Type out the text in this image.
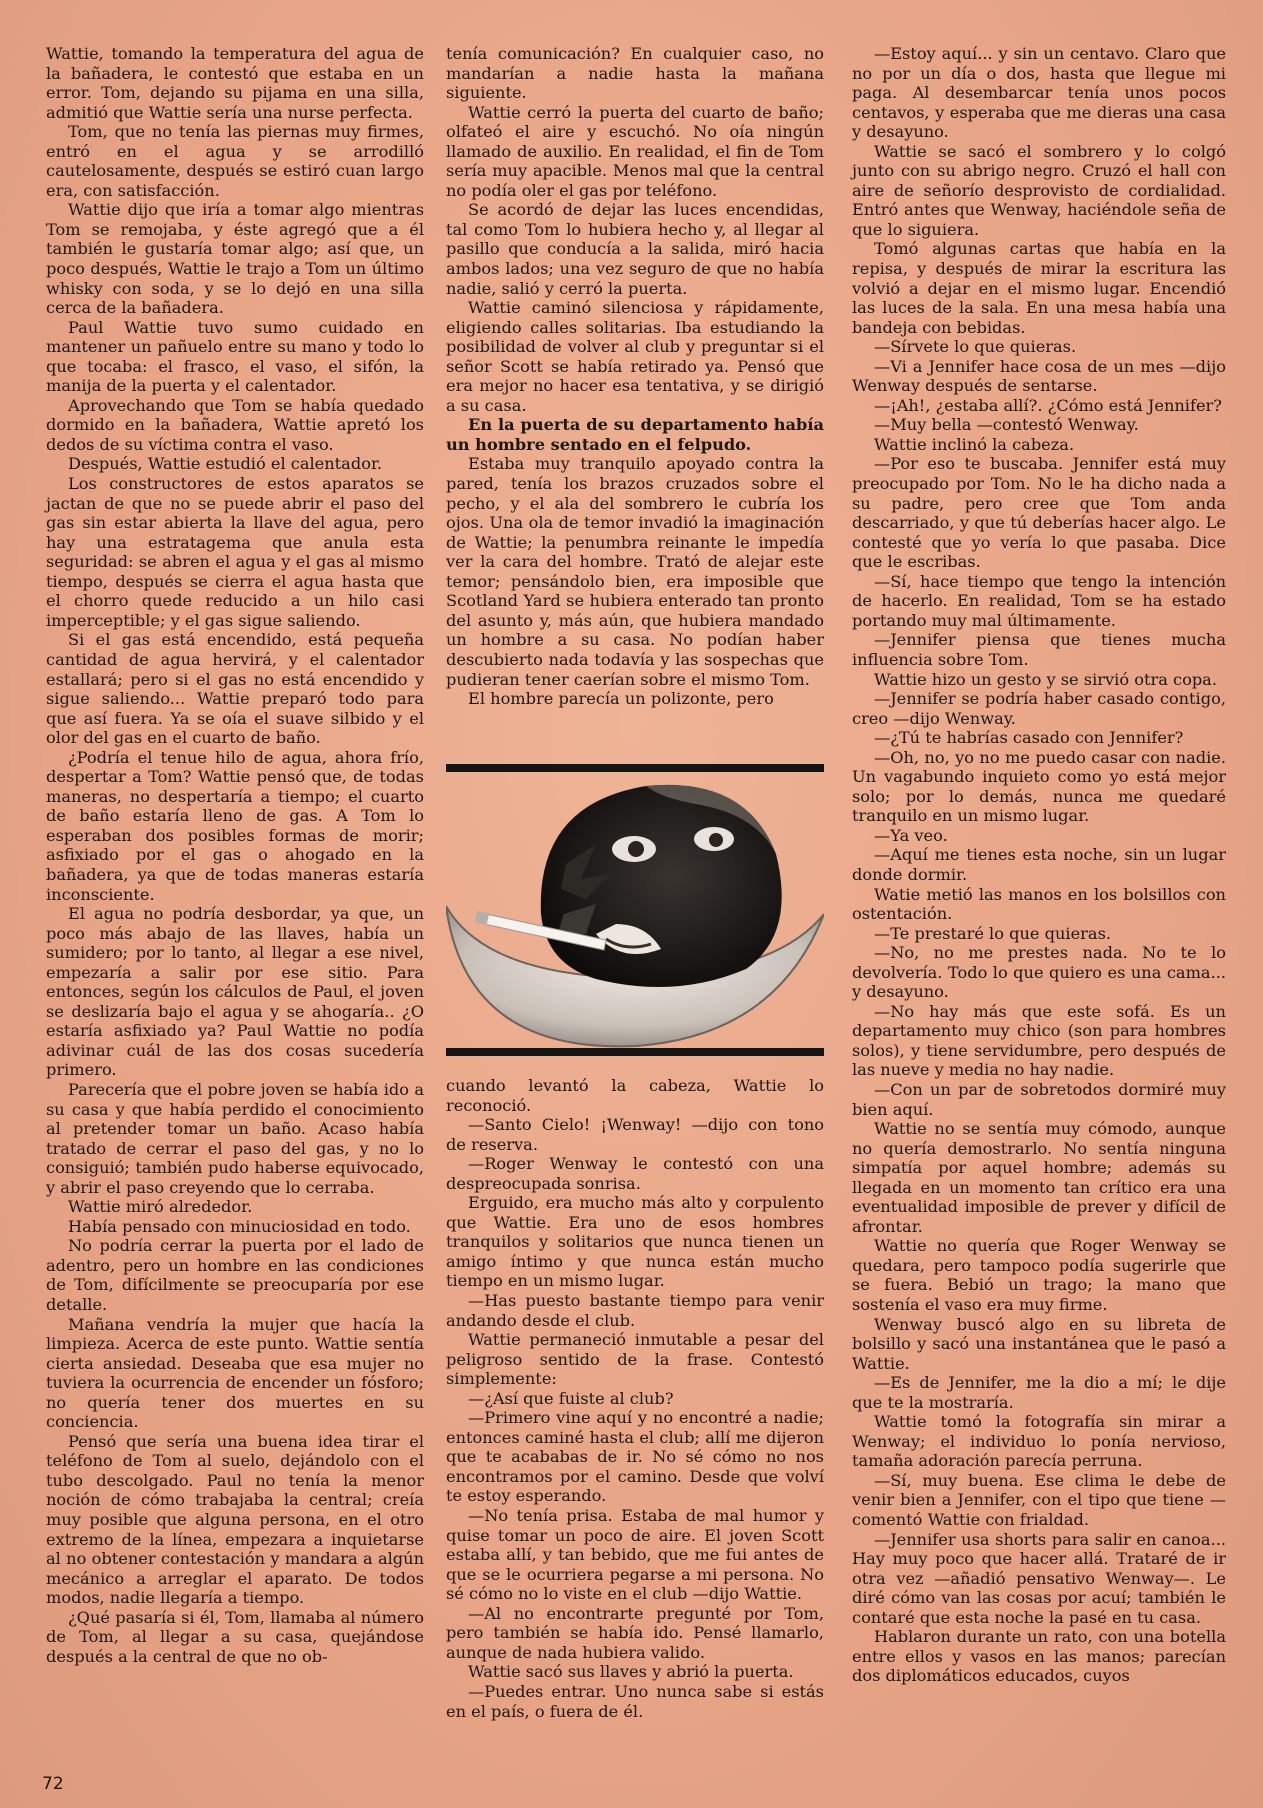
Wattie, tomando la temperatura del agua de la bañadera, le contestó que estaba en un error. Tom, dejando su pijama en una silla, admitió que Wattie sería una nurse perfecta.

Tom, que no tenía las piernas muy firmes, entró en el agua y se arrodilló cautelosamente, después se estiró cuan largo era, con satisfacción.

Wattie dijo que iría a tomar algo mientras Tom se remojaba, y éste agregó que a él también le gustaría tomar algo; así que, un poco después, Wattie le trajo a Tom un último whisky con soda, y se lo dejó en una silla cerca de la bañadera.

Paul Wattie tuvo sumo cuidado en mantener un pañuelo entre su mano y todo lo que tocaba: el frasco, el vaso, el sifón, la manija de la puerta y el calentador.

Aprovechando que Tom se había quedado dormido en la bañadera, Wattie apretó los dedos de su víctima contra el vaso.

Después, Wattie estudió el calentador.

Los constructores de estos aparatos se jactan de que no se puede abrir el paso del gas sin estar abierta la llave del agua, pero hay una estratagema que anula esta seguridad: se abren el agua y el gas al mismo tiempo, después se cierra el agua hasta que el chorro quede reducido a un hilo casi imperceptible; y el gas sigue saliendo.

Si el gas está encendido, está pequeña cantidad de agua hervirá, y el calentador estallará; pero si el gas no está encendido y sigue saliendo... Wattie preparó todo para que así fuera. Ya se oía el suave silbido y el olor del gas en el cuarto de baño.

¿Podría el tenue hilo de agua, ahora frío, despertar a Tom? Wattie pensó que, de todas maneras, no despertaría a tiempo; el cuarto de baño estaría lleno de gas. A Tom lo esperaban dos posibles formas de morir; asfixiado por el gas o ahogado en la bañadera, ya que de todas maneras estaría inconsciente.

El agua no podría desbordar, ya que, un poco más abajo de las llaves, había un sumidero; por lo tanto, al llegar a ese nivel, empezaría a salir por ese sitio. Para entonces, según los cálculos de Paul, el joven se deslizaría bajo el agua y se ahogaría.. ¿O estaría asfixiado ya? Paul Wattie no podía adivinar cuál de las dos cosas sucedería primero.

Parecería que el pobre joven se había ido a su casa y que había perdido el conocimiento al pretender tomar un baño. Acaso había tratado de cerrar el paso del gas, y no lo consiguió; también pudo haberse equivocado, y abrir el paso creyendo que lo cerraba.

Wattie miró alrededor.

Había pensado con minuciosidad en todo.

No podría cerrar la puerta por el lado de adentro, pero un hombre en las condiciones de Tom, difícilmente se preocuparía por ese detalle.

Mañana vendría la mujer que hacía la limpieza. Acerca de este punto. Wattie sentía cierta ansiedad. Deseaba que esa mujer no tuviera la ocurrencia de encender un fósforo; no quería tener dos muertes en su conciencia.

Pensó que sería una buena idea tirar el teléfono de Tom al suelo, dejándolo con el tubo descolgado. Paul no tenía la menor noción de cómo trabajaba la central; creía muy posible que alguna persona, en el otro extremo de la línea, empezara a inquietarse al no obtener contestación y mandara a algún mecánico a arreglar el aparato. De todos modos, nadie llegaría a tiempo.

¿Qué pasaría si él, Tom, llamaba al número de Tom, al llegar a su casa, quejándose después a la central de que no ob-

tenía comunicación? En cualquier caso, no mandarían a nadie hasta la mañana siguiente.

Wattie cerró la puerta del cuarto de baño; olfateó el aire y escuchó. No oía ningún llamado de auxilio. En realidad, el fin de Tom sería muy apacible. Menos mal que la central no podía oler el gas por teléfono.

Se acordó de dejar las luces encendidas, tal como Tom lo hubiera hecho y, al llegar al pasillo que conducía a la salida, miró hacia ambos lados; una vez seguro de que no había nadie, salió y cerró la puerta.

Wattie caminó silenciosa y rápidamente, eligiendo calles solitarias. Iba estudiando la posibilidad de volver al club y preguntar si el señor Scott se había retirado ya. Pensó que era mejor no hacer esa tentativa, y se dirigió a su casa.

En la puerta de su departamento había un hombre sentado en el felpudo.

Estaba muy tranquilo apoyado contra la pared, tenía los brazos cruzados sobre el pecho, y el ala del sombrero le cubría los ojos. Una ola de temor invadió la imaginación de Wattie; la penumbra reinante le impedía ver la cara del hombre. Trató de alejar este temor; pensándolo bien, era imposible que Scotland Yard se hubiera enterado tan pronto del asunto y, más aún, que hubiera mandado un hombre a su casa. No podían haber descubierto nada todavía y las sospechas que pudieran tener caerían sobre el mismo Tom.

El hombre parecía un polizonte, pero

cuando levantó la cabeza, Wattie lo reconoció.

—Santo Cielo! ¡Wenway! —dijo con tono de reserva.

—Roger Wenway le contestó con una despreocupada sonrisa.

Erguido, era mucho más alto y corpulento que Wattie. Era uno de esos hombres tranquilos y solitarios que nunca tienen un amigo íntimo y que nunca están mucho tiempo en un mismo lugar.

—Has puesto bastante tiempo para venir andando desde el club.

Wattie permaneció inmutable a pesar del peligroso sentido de la frase. Contestó simplemente:

—¿Así que fuiste al club?

—Primero vine aquí y no encontré a nadie; entonces caminé hasta el club; allí me dijeron que te acababas de ir. No sé cómo no nos encontramos por el camino. Desde que volví te estoy esperando.

—No tenía prisa. Estaba de mal humor y quise tomar un poco de aire. El joven Scott estaba allí, y tan bebido, que me fui antes de que se le ocurriera pegarse a mi persona. No sé cómo no lo viste en el club —dijo Wattie.

—Al no encontrarte pregunté por Tom, pero también se había ido. Pensé llamarlo, aunque de nada hubiera valido.

Wattie sacó sus llaves y abrió la puerta.

—Puedes entrar. Uno nunca sabe si estás en el país, o fuera de él.

—Estoy aquí... y sin un centavo. Claro que no por un día o dos, hasta que llegue mi paga. Al desembarcar tenía unos pocos centavos, y esperaba que me dieras una casa y desayuno.

Wattie se sacó el sombrero y lo colgó junto con su abrigo negro. Cruzó el hall con aire de señorío desprovisto de cordialidad. Entró antes que Wenway, haciéndole seña de que lo siguiera.

Tomó algunas cartas que había en la repisa, y después de mirar la escritura las volvió a dejar en el mismo lugar. Encendió las luces de la sala. En una mesa había una bandeja con bebidas.

—Sírvete lo que quieras.

—Vi a Jennifer hace cosa de un mes —dijo Wenway después de sentarse.

—¡Ah!, ¿estaba allí?. ¿Cómo está Jennifer?

—Muy bella —contestó Wenway.

Wattie inclinó la cabeza.

—Por eso te buscaba. Jennifer está muy preocupado por Tom. No le ha dicho nada a su padre, pero cree que Tom anda descarriado, y que tú deberías hacer algo. Le contesté que yo vería lo que pasaba. Dice que le escribas.

—Sí, hace tiempo que tengo la intención de hacerlo. En realidad, Tom se ha estado portando muy mal últimamente.

—Jennifer piensa que tienes mucha influencia sobre Tom.

Wattie hizo un gesto y se sirvió otra copa.

—Jennifer se podría haber casado contigo, creo —dijo Wenway.

—¿Tú te habrías casado con Jennifer?

—Oh, no, yo no me puedo casar con nadie. Un vagabundo inquieto como yo está mejor solo; por lo demás, nunca me quedaré tranquilo en un mismo lugar.

—Ya veo.

—Aquí me tienes esta noche, sin un lugar donde dormir.

Watie metió las manos en los bolsillos con ostentación.

—Te prestaré lo que quieras.

—No, no me prestes nada. No te lo devolvería. Todo lo que quiero es una cama... y desayuno.

—No hay más que este sofá. Es un departamento muy chico (son para hombres solos), y tiene servidumbre, pero después de las nueve y media no hay nadie.

—Con un par de sobretodos dormiré muy bien aquí.

Wattie no se sentía muy cómodo, aunque no quería demostrarlo. No sentía ninguna simpatía por aquel hombre; además su llegada en un momento tan crítico era una eventualidad imposible de prever y difícil de afrontar.

Wattie no quería que Roger Wenway se quedara, pero tampoco podía sugerirle que se fuera. Bebió un trago; la mano que sostenía el vaso era muy firme.

Wenway buscó algo en su libreta de bolsillo y sacó una instantánea que le pasó a Wattie.

—Es de Jennifer, me la dio a mí; le dije que te la mostraría.

Wattie tomó la fotografía sin mirar a Wenway; el individuo lo ponía nervioso, tamaña adoración parecía perruna.

—Sí, muy buena. Ese clima le debe de venir bien a Jennifer, con el tipo que tiene —comentó Wattie con frialdad.

—Jennifer usa shorts para salir en canoa... Hay muy poco que hacer allá. Trataré de ir otra vez —añadió pensativo Wenway—. Le diré cómo van las cosas por acuí; también le contaré que esta noche la pasé en tu casa.

Hablaron durante un rato, con una botella entre ellos y vasos en las manos; parecían dos diplomáticos educados, cuyos

72
